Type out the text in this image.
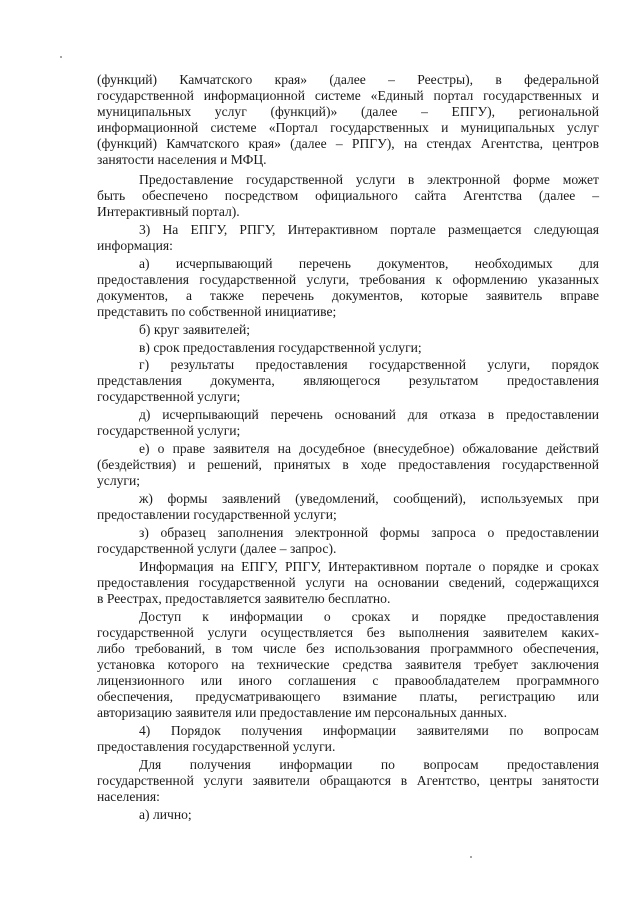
(функций) Камчатского края» (далее – Реестры), в федеральной
государственной информационной системе «Единый портал государственных и
муниципальных услуг (функций)» (далее – ЕПГУ), региональной
информационной системе «Портал государственных и муниципальных услуг
(функций) Камчатского края» (далее – РПГУ), на стендах Агентства, центров
занятости населения и МФЦ.
Предоставление государственной услуги в электронной форме может
быть обеспечено посредством официального сайта Агентства (далее –
Интерактивный портал).
3) На ЕПГУ, РПГУ, Интерактивном портале размещается следующая
информация:
а) исчерпывающий перечень документов, необходимых для
предоставления государственной услуги, требования к оформлению указанных
документов, а также перечень документов, которые заявитель вправе
представить по собственной инициативе;
б) круг заявителей;
в) срок предоставления государственной услуги;
г) результаты предоставления государственной услуги, порядок
представления документа, являющегося результатом предоставления
государственной услуги;
д) исчерпывающий перечень оснований для отказа в предоставлении
государственной услуги;
е) о праве заявителя на досудебное (внесудебное) обжалование действий
(бездействия) и решений, принятых в ходе предоставления государственной
услуги;
ж) формы заявлений (уведомлений, сообщений), используемых при
предоставлении государственной услуги;
з) образец заполнения электронной формы запроса о предоставлении
государственной услуги (далее – запрос).
Информация на ЕПГУ, РПГУ, Интерактивном портале о порядке и сроках
предоставления государственной услуги на основании сведений, содержащихся
в Реестрах, предоставляется заявителю бесплатно.
Доступ к информации о сроках и порядке предоставления
государственной услуги осуществляется без выполнения заявителем каких-
либо требований, в том числе без использования программного обеспечения,
установка которого на технические средства заявителя требует заключения
лицензионного или иного соглашения с правообладателем программного
обеспечения, предусматривающего взимание платы, регистрацию или
авторизацию заявителя или предоставление им персональных данных.
4) Порядок получения информации заявителями по вопросам
предоставления государственной услуги.
Для получения информации по вопросам предоставления
государственной услуги заявители обращаются в Агентство, центры занятости
населения:
а) лично;
